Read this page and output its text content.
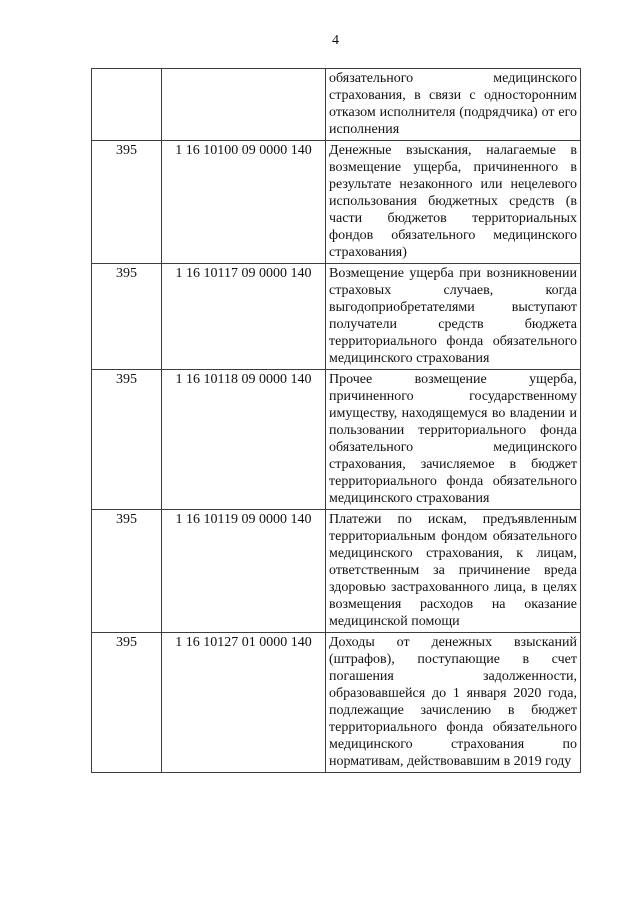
4
		обязательного медицинского страхования, в связи с односторонним отказом исполнителя (подрядчика) от его исполнения
395	1 16 10100 09 0000 140	Денежные взыскания, налагаемые в возмещение ущерба, причиненного в результате незаконного или нецелевого использования бюджетных средств (в части бюджетов территориальных фондов обязательного медицинского страхования)
395	1 16 10117 09 0000 140	Возмещение ущерба при возникновении страховых случаев, когда выгодоприобретателями выступают получатели средств бюджета территориального фонда обязательного медицинского страхования
395	1 16 10118 09 0000 140	Прочее возмещение ущерба, причиненного государственному имуществу, находящемуся во владении и пользовании территориального фонда обязательного медицинского страхования, зачисляемое в бюджет территориального фонда обязательного медицинского страхования
395	1 16 10119 09 0000 140	Платежи по искам, предъявленным территориальным фондом обязательного медицинского страхования, к лицам, ответственным за причинение вреда здоровью застрахованного лица, в целях возмещения расходов на оказание медицинской помощи
395	1 16 10127 01 0000 140	Доходы от денежных взысканий (штрафов), поступающие в счет погашения задолженности, образовавшейся до 1 января 2020 года, подлежащие зачислению в бюджет территориального фонда обязательного медицинского страхования по нормативам, действовавшим в 2019 году
